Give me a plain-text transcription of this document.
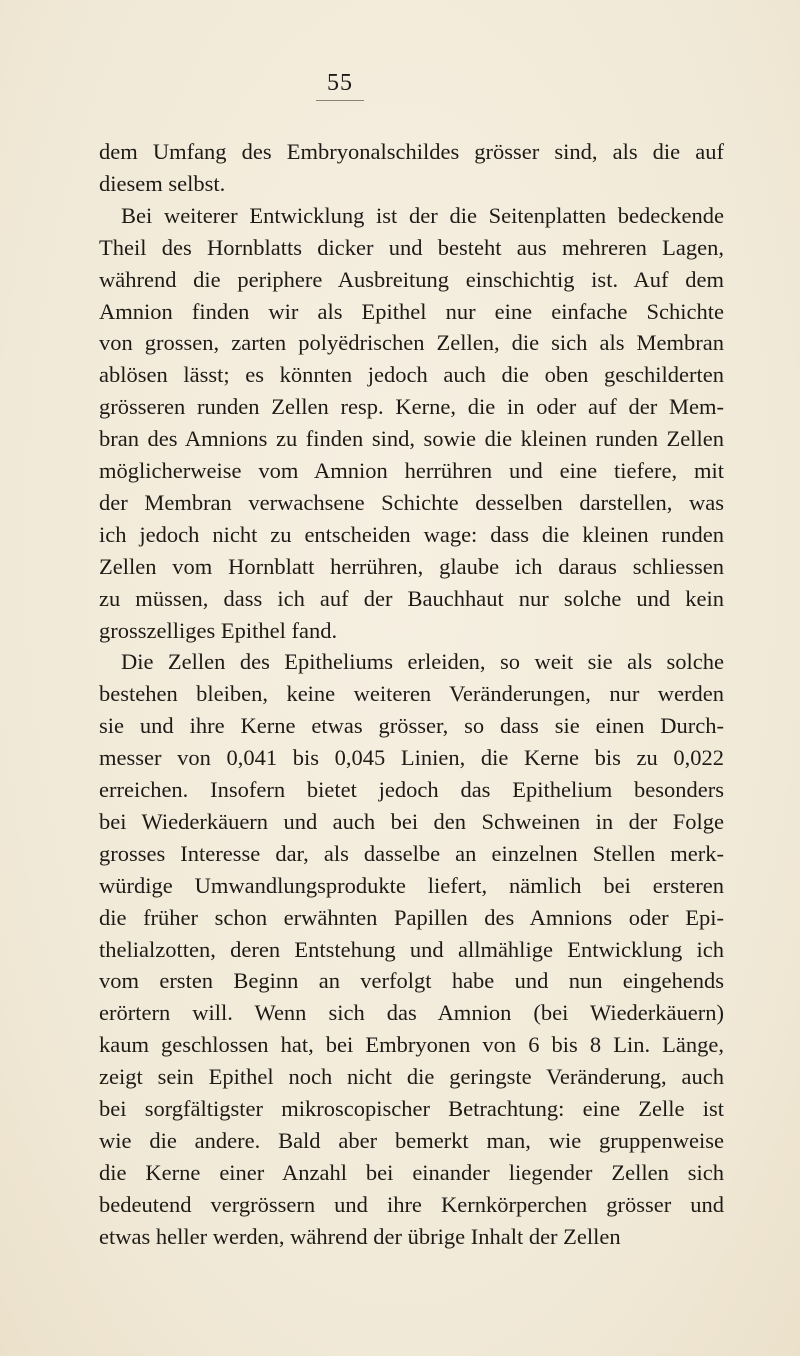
55
dem Umfang des Embryonalschildes grösser sind, als die auf
diesem selbst.
Bei weiterer Entwicklung ist der die Seitenplatten bedeckende
Theil des Hornblatts dicker und besteht aus mehreren Lagen,
während die periphere Ausbreitung einschichtig ist. Auf dem
Amnion finden wir als Epithel nur eine einfache Schichte
von grossen, zarten polyëdrischen Zellen, die sich als Membran
ablösen lässt; es könnten jedoch auch die oben geschilderten
grösseren runden Zellen resp. Kerne, die in oder auf der Mem-
bran des Amnions zu finden sind, sowie die kleinen runden Zellen
möglicherweise vom Amnion herrühren und eine tiefere, mit
der Membran verwachsene Schichte desselben darstellen, was
ich jedoch nicht zu entscheiden wage: dass die kleinen runden
Zellen vom Hornblatt herrühren, glaube ich daraus schliessen
zu müssen, dass ich auf der Bauchhaut nur solche und kein
grosszelliges Epithel fand.
Die Zellen des Epitheliums erleiden, so weit sie als solche
bestehen bleiben, keine weiteren Veränderungen, nur werden
sie und ihre Kerne etwas grösser, so dass sie einen Durch-
messer von 0,041 bis 0,045 Linien, die Kerne bis zu 0,022
erreichen. Insofern bietet jedoch das Epithelium besonders
bei Wiederkäuern und auch bei den Schweinen in der Folge
grosses Interesse dar, als dasselbe an einzelnen Stellen merk-
würdige Umwandlungsprodukte liefert, nämlich bei ersteren
die früher schon erwähnten Papillen des Amnions oder Epi-
thelialzotten, deren Entstehung und allmählige Entwicklung ich
vom ersten Beginn an verfolgt habe und nun eingehends
erörtern will. Wenn sich das Amnion (bei Wiederkäuern)
kaum geschlossen hat, bei Embryonen von 6 bis 8 Lin. Länge,
zeigt sein Epithel noch nicht die geringste Veränderung, auch
bei sorgfältigster mikroscopischer Betrachtung: eine Zelle ist
wie die andere. Bald aber bemerkt man, wie gruppenweise
die Kerne einer Anzahl bei einander liegender Zellen sich
bedeutend vergrössern und ihre Kernkörperchen grösser und
etwas heller werden, während der übrige Inhalt der Zellen
